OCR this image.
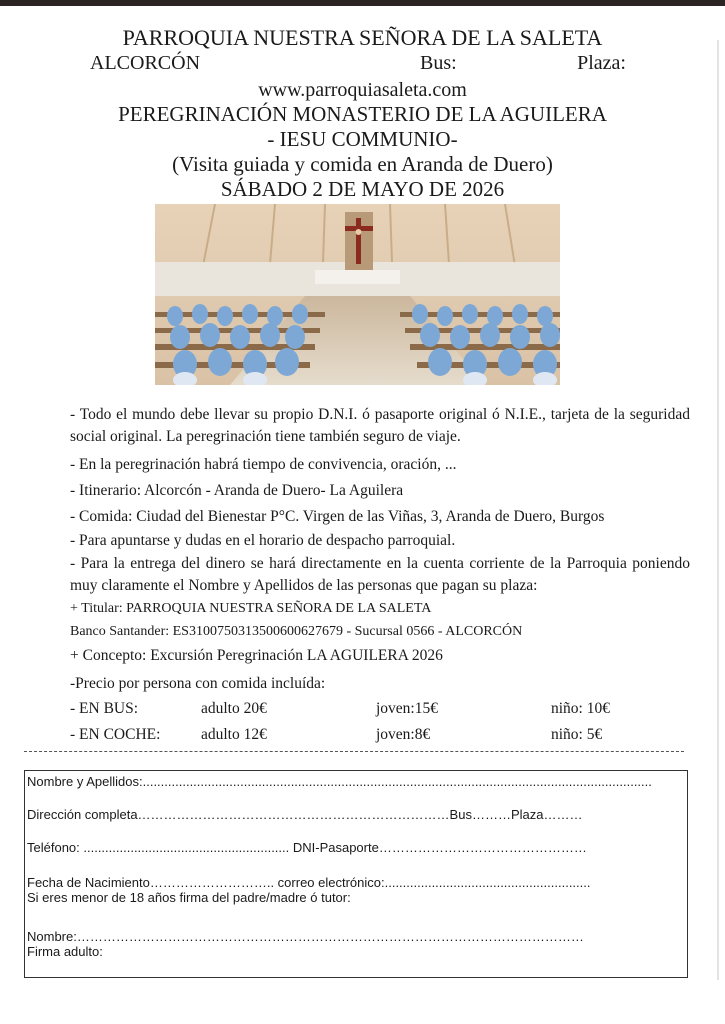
PARROQUIA NUESTRA SEÑORA DE LA SALETA
ALCORCÓN	Bus:	Plaza:
www.parroquiasaleta.com
PEREGRINACIÓN MONASTERIO DE LA AGUILERA
- IESU COMMUNIO-
(Visita guiada y comida en Aranda de Duero)
SÁBADO 2 DE MAYO DE 2026
- Todo el mundo debe llevar su propio D.N.I. ó pasaporte original ó N.I.E., tarjeta de la seguridad social original. La peregrinación tiene también seguro de viaje.
- En la peregrinación habrá tiempo de convivencia, oración, ...
- Itinerario: Alcorcón - Aranda de Duero- La Aguilera
- Comida: Ciudad del Bienestar P°C. Virgen de las Viñas, 3, Aranda de Duero, Burgos
- Para apuntarse y dudas en el horario de despacho parroquial.
- Para la entrega del dinero se hará directamente en la cuenta corriente de la Parroquia poniendo muy claramente el Nombre y Apellidos de las personas que pagan su plaza:
+ Titular: PARROQUIA NUESTRA SEÑORA DE LA SALETA
Banco Santander: ES3100750313500600627679 - Sucursal 0566 - ALCORCÓN
+ Concepto: Excursión Peregrinación LA AGUILERA 2026
-Precio por persona con comida incluída:
- EN BUS:	adulto 20€	joven:15€	niño: 10€
- EN COCHE:	adulto 12€	joven:8€	niño: 5€
Nombre y Apellidos:.............................................................................................................................................
Dirección completa………………………………………………………………Bus………Plaza………
Teléfono: ......................................................... DNI-Pasaporte…………………………………………
Fecha de Nacimiento……………………….. correo electrónico:.........................................................
Si eres menor de 18 años firma del padre/madre ó tutor:
Nombre:………………………………………………………………………………………………………
Firma adulto:
